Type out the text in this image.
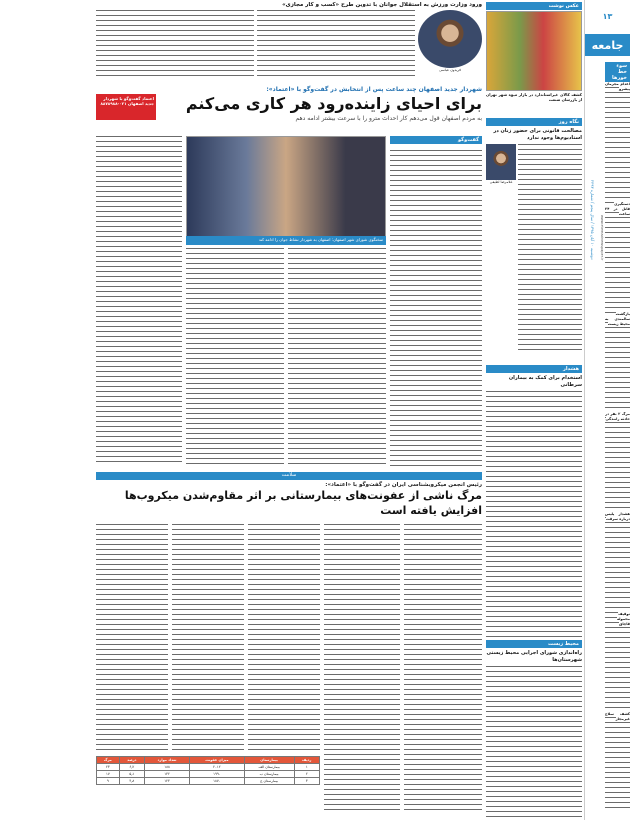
۱۳
جامعه
دوشنبه ۱۰ آبان ۱۳۹۵ / سال پنجم / شماره ۲۴۹۳	www.etemadnewspaper.ir
سوء خط خورها
اعدام مجرمان پیشرو
دستگیری قاتل در ۲۴ ساعت
بازگشت سالمندی به محیط زیست
مرگ ۲ نفر در حادثه رانندگی
هشدار پلیس درباره سرقت
توقیف محموله قاچاق
کشف سلاح غیرمجاز
عکس نوشت
کشف کالای غیراستاندارد در بازار میوه شهر تهران از بازرسان صنعت
نگاه روز
مصالحت قانونی برای حضور زنان در استادیوم‌ها وجود ندارد
غلامرضا لطیفی
هشدار
استخدام برای کمک به بیماران سرطانی
محیط زیست
راه‌اندازی شورای اجرایی محیط زیستی شهرستان‌ها
ورود وزارت ورزش به استقلال جوانان با تدوین طرح «کسب و کار مجازی»
فریدون عباسی
شهردار جدید اصفهان چند ساعت پس از انتخابش در گفت‌وگو با «اعتماد»:
برای احیای زاینده‌رود هر کاری می‌کنم
به مردم اصفهان قول می‌دهم کار احداث مترو را با سرعت بیشتر ادامه دهم
اعتماد گفت‌وگو با شهردار جدید اصفهان ۰۲۱-۸۸۷۸۹۸۸
سخنگوی شورای شهر اصفهان: اصفهان به شهردار نشاط جوان را ادامه کند
گفت‌وگو
سلامت
رئیس انجمن میکروبشناسی ایران در گفت‌وگو با «اعتماد»:
مرگ ناشی از عفونت‌های بیمارستانی بر اثر مقاوم‌شدن میکروب‌ها افزایش یافته است
ردیف	بیمارستان	میزان عفونت	تعداد موارد	درصد	مرگ
۱	بیمارستان الف	۲۰۱۲	۱۸۸	۶٫۲	۲۳
۲	بیمارستان ب	۱۹۹۰	۱۴۲	۵٫۱	۱۷
۳	بیمارستان ج	۱۸۷۰	۱۲۴	۴٫۸	۹
